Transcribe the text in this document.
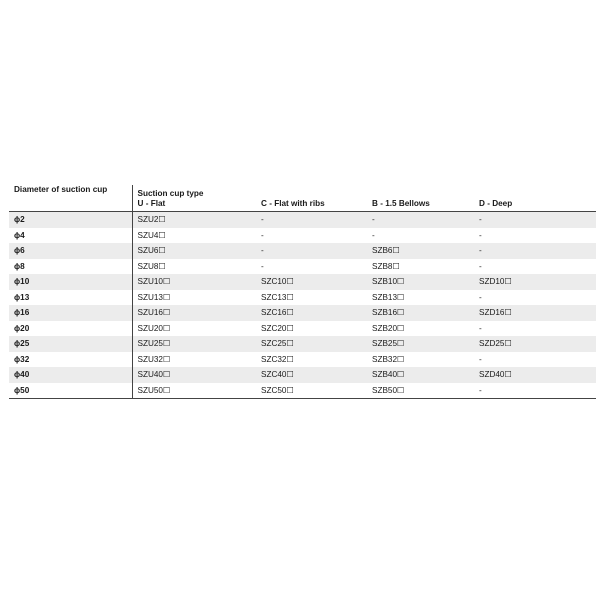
Diameter of suction cup	Suction cup type
U - Flat	C - Flat with ribs	B - 1.5 Bellows	D - Deep
ϕ2	SZU2☐	-	-	-
ϕ4	SZU4☐	-	-	-
ϕ6	SZU6☐	-	SZB6☐	-
ϕ8	SZU8☐	-	SZB8☐	-
ϕ10	SZU10☐	SZC10☐	SZB10☐	SZD10☐
ϕ13	SZU13☐	SZC13☐	SZB13☐	-
ϕ16	SZU16☐	SZC16☐	SZB16☐	SZD16☐
ϕ20	SZU20☐	SZC20☐	SZB20☐	-
ϕ25	SZU25☐	SZC25☐	SZB25☐	SZD25☐
ϕ32	SZU32☐	SZC32☐	SZB32☐	-
ϕ40	SZU40☐	SZC40☐	SZB40☐	SZD40☐
ϕ50	SZU50☐	SZC50☐	SZB50☐	-
